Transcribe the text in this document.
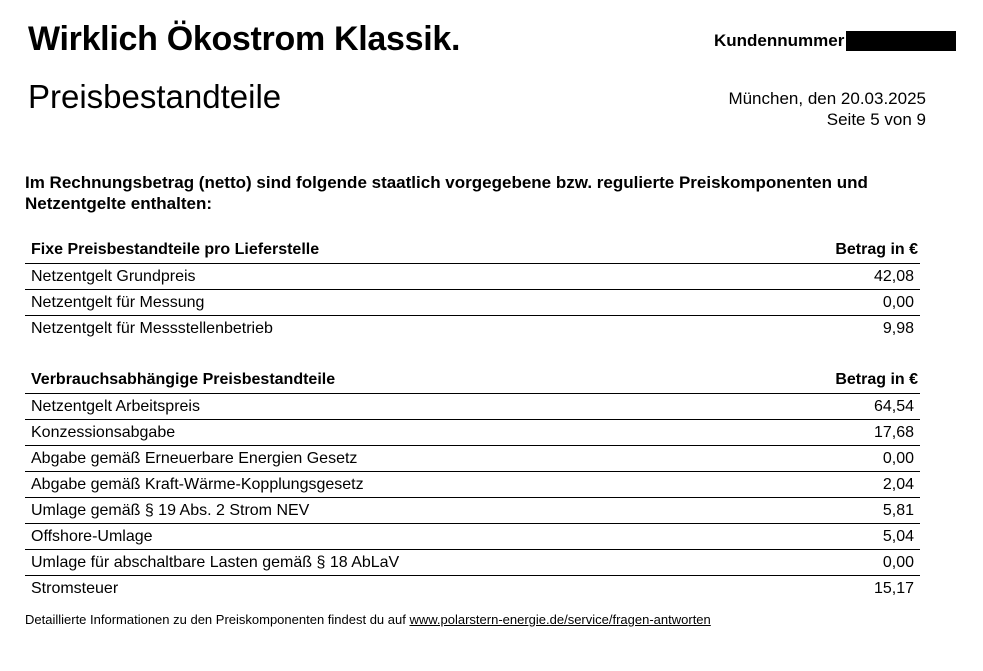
Wirklich Ökostrom Klassik.
Preisbestandteile
Kundennummer
München, den 20.03.2025
Seite 5 von 9
Im Rechnungsbetrag (netto) sind folgende staatlich vorgegebene bzw. regulierte Preiskomponenten und Netzentgelte enthalten:
Fixe Preisbestandteile pro Lieferstelle	Betrag in €
Netzentgelt Grundpreis	42,08
Netzentgelt für Messung	0,00
Netzentgelt für Messstellenbetrieb	9,98
Verbrauchsabhängige Preisbestandteile	Betrag in €
Netzentgelt Arbeitspreis	64,54
Konzessionsabgabe	17,68
Abgabe gemäß Erneuerbare Energien Gesetz	0,00
Abgabe gemäß Kraft-Wärme-Kopplungsgesetz	2,04
Umlage gemäß § 19 Abs. 2 Strom NEV	5,81
Offshore-Umlage	5,04
Umlage für abschaltbare Lasten gemäß § 18 AbLaV	0,00
Stromsteuer	15,17
Detaillierte Informationen zu den Preiskomponenten findest du auf www.polarstern-energie.de/service/fragen-antworten
